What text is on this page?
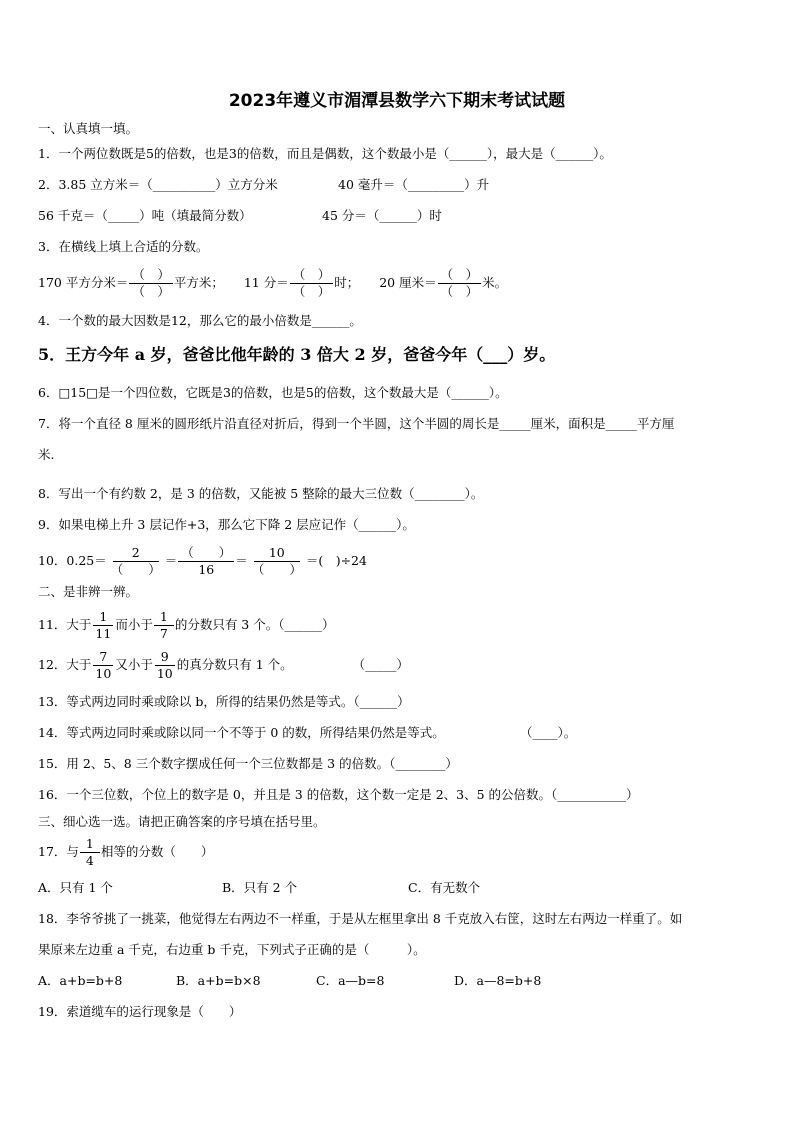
2023年遵义市湄潭县数学六下期末考试试题
一、认真填一填。
1．一个两位数既是5的倍数，也是3的倍数，而且是偶数，这个数最小是（______），最大是（______）。
2．3.85 立方米＝（__________）立方分米	40 毫升＝（_________）升
56 千克＝（_____）吨（填最简分数）	45 分＝（______）时
3．在横线上填上合适的分数。
170 平方分米＝ $\frac{( )}{( )}$ 平方米； 11 分＝ $\frac{( )}{( )}$ 时； 20 厘米＝ $\frac{( )}{( )}$ 米。
4．一个数的最大因数是12，那么它的最小倍数是______。
5．王方今年 a 岁，爸爸比他年龄的 3 倍大 2 岁，爸爸今年（___）岁。
6．□15□是一个四位数，它既是3的倍数，也是5的倍数，这个数最大是（______）。
7．将一个直径 8 厘米的圆形纸片沿直径对折后，得到一个半圆，这个半圆的周长是_____厘米，面积是_____平方厘
米.
8．写出一个有约数 2，是 3 的倍数，又能被 5 整除的最大三位数（________）。
9．如果电梯上升 3 层记作+3，那么它下降 2 层应记作（______）。
10．$0.25= \frac{2}{( )} = \frac{( )}{16} = \frac{10}{( )}$ ＝(　)÷24
二、是非辨一辨。
11．大于 $\frac{1}{11}$ 而小于 $\frac{1}{7}$ 的分数只有 3 个。（______）
12．大于 $\frac{7}{10}$ 又小于 $\frac{9}{10}$ 的真分数只有 1 个。	（_____）
13．等式两边同时乘或除以 b，所得的结果仍然是等式。（______）
14．等式两边同时乘或除以同一个不等于 0 的数，所得结果仍然是等式。	（____）。
15．用 2、5、8 三个数字摆成任何一个三位数都是 3 的倍数。（________）
16．一个三位数，个位上的数字是 0，并且是 3 的倍数，这个数一定是 2、3、5 的公倍数。（___________）
三、细心选一选。请把正确答案的序号填在括号里。
17．与 $\frac{1}{4}$ 相等的分数（　　）
A．只有 1 个	B．只有 2 个	C．有无数个
18．李爷爷挑了一挑菜，他觉得左右两边不一样重，于是从左框里拿出 8 千克放入右筐，这时左右两边一样重了。如
果原来左边重 a 千克，右边重 b 千克，下列式子正确的是（　　　）。
A．a+b=b+8	B．a+b=b×8	C．a—b=8	D．a—8=b+8
19．索道缆车的运行现象是（　　）
